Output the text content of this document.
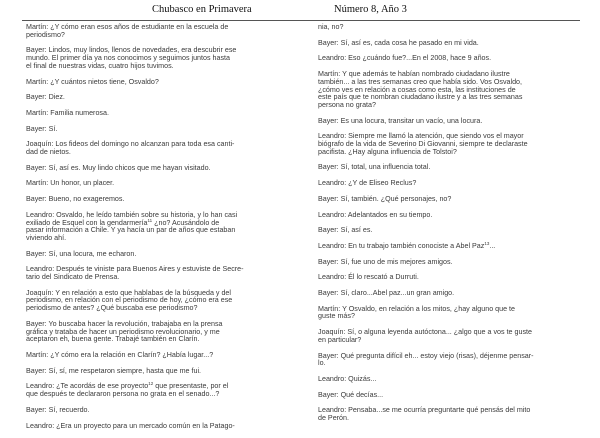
Chubasco en Primavera	Número 8, Año 3

Martín: ¿Y cómo eran esos años de estudiante en la escuela de
periodismo?

Bayer: Lindos, muy lindos, llenos de novedades, era descubrir ese
mundo. El primer día ya nos conocimos y seguimos juntos hasta
el final de nuestras vidas, cuatro hijos tuvimos.

Martín: ¿Y cuántos nietos tiene, Osvaldo?

Bayer: Diez.

Martín: Familia numerosa.

Bayer: Sí.

Joaquín: Los fideos del domingo no alcanzan para toda esa canti-
dad de nietos.

Bayer: Sí, así es. Muy lindo chicos que me hayan visitado.

Martín: Un honor, un placer.

Bayer: Bueno, no exageremos.

Leandro: Osvaldo, he leído también sobre su historia, y lo han casi
exiliado de Esquel con la gendarmería$^{11}$ ¿no? Acusándolo de
pasar información a Chile. Y ya hacía un par de años que estaban
viviendo ahí.

Bayer: Sí, una locura, me echaron.

Leandro: Después te viniste para Buenos Aires y estuviste de Secre-
tario del Sindicato de Prensa.

Joaquín: Y en relación a esto que hablabas de la búsqueda y del
periodismo, en relación con el periodismo de hoy, ¿cómo era ese
periodismo de antes? ¿Qué buscaba ese periodismo?

Bayer: Yo buscaba hacer la revolución, trabajaba en la prensa
gráfica y trataba de hacer un periodismo revolucionario, y me
aceptaron eh, buena gente. Trabajé también en Clarín.

Martín: ¿Y cómo era la relación en Clarín? ¿Había lugar...?

Bayer: Sí, sí, me respetaron siempre, hasta que me fui.

Leandro: ¿Te acordás de ese proyecto$^{12}$ que presentaste, por el
que después te declararon persona no grata en el senado...?

Bayer: Sí, recuerdo.

Leandro: ¿Era un proyecto para un mercado común en la Patago-

nia, no?

Bayer: Sí, así es, cada cosa he pasado en mi vida.

Leandro: Eso ¿cuándo fue?...En el 2008, hace 9 años.

Martín: Y que además te habían nombrado ciudadano ilustre
también... a las tres semanas creo que había sido. Vos Osvaldo,
¿cómo ves en relación a cosas como esta, las instituciones de
este país que te nombran ciudadano ilustre y a las tres semanas
persona no grata?

Bayer: Es una locura, transitar un vacío, una locura.

Leandro: Siempre me llamó la atención, que siendo vos el mayor
biógrafo de la vida de Severino Di Giovanni, siempre te declaraste
pacifista. ¿Hay alguna influencia de Tolstoi?

Bayer: Sí, total, una influencia total.

Leandro: ¿Y de Eliseo Reclus?

Bayer: Sí, también. ¿Qué personajes, no?

Leandro: Adelantados en su tiempo.

Bayer: Sí, así es.

Leandro: En tu trabajo también conociste a Abel Paz$^{13}$...

Bayer: Sí, fue uno de mis mejores amigos.

Leandro: Él lo rescató a Durruti.

Bayer: Sí, claro...Abel paz...un gran amigo.

Martín: Y Osvaldo, en relación a los mitos, ¿hay alguno que te
guste más?

Joaquín: Sí, o alguna leyenda autóctona... ¿algo que a vos te guste
en particular?

Bayer: Qué pregunta difícil eh... estoy viejo (risas), déjenme pensar-
lo.

Leandro: Quizás...

Bayer: Qué decías...

Leandro: Pensaba...se me ocurría preguntarte qué pensás del mito
de Perón.
